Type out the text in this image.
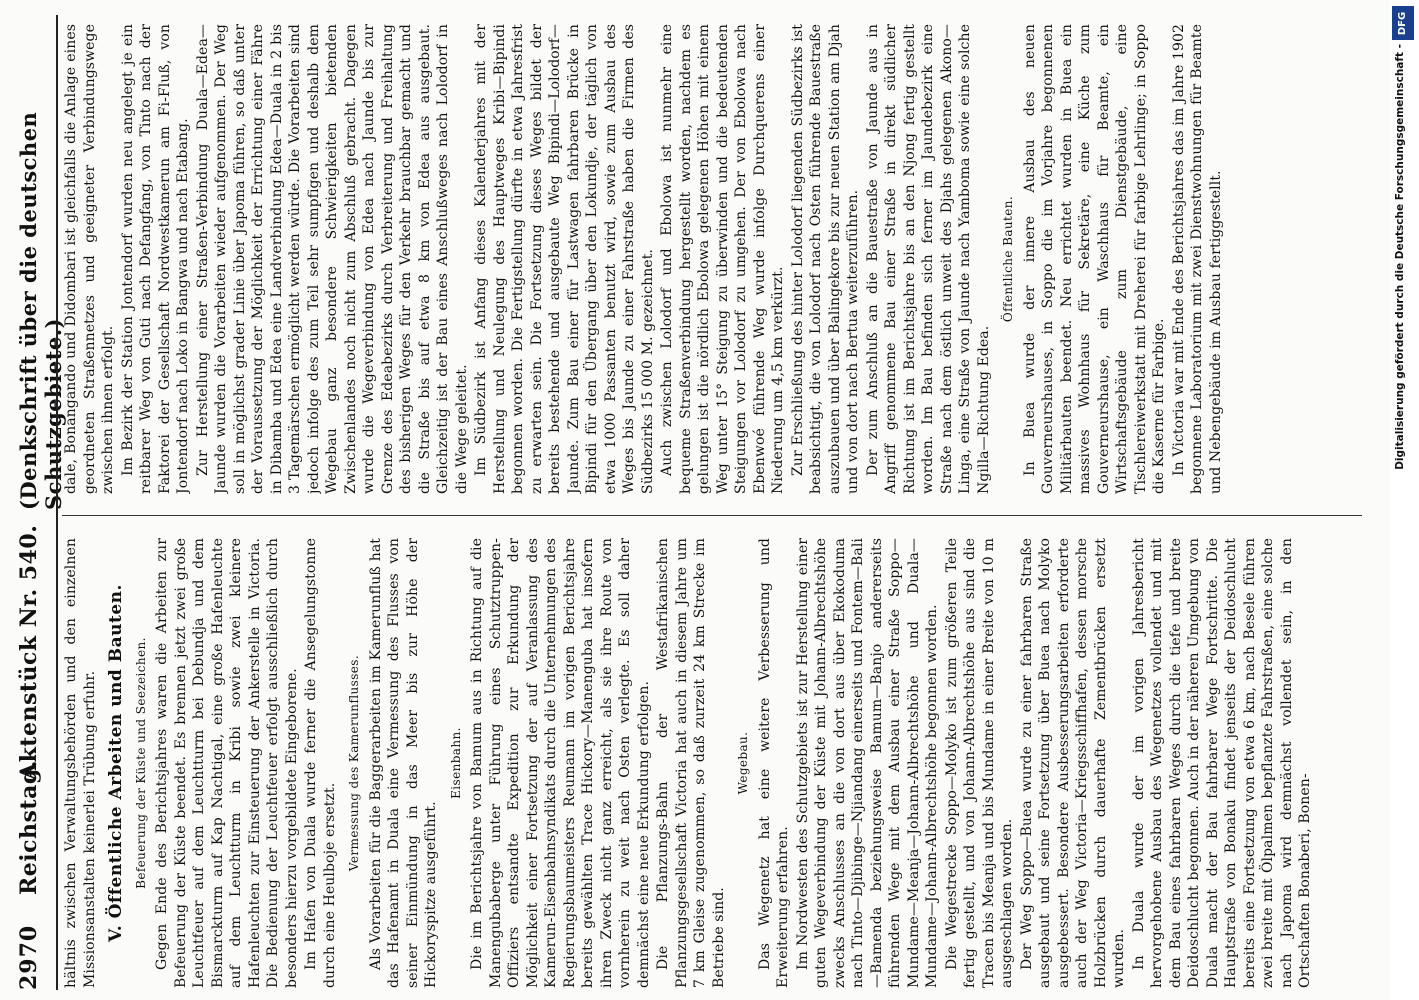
2970
Reichstag.
Aktenstück Nr. 540.
(Denkschrift über die deutschen Schutzgebiete.)

hältnis zwischen Verwaltungsbehörden und den einzelnen Missionsanstalten keinerlei Trübung erfuhr. V. Öffentliche Arbeiten und Bauten. Befeuerung der Küste und Seezeichen. Gegen Ende des Berichtsjahres waren die Arbeiten zur Befeuerung der Küste beendet. Es brennen jetzt zwei große Leuchtfeuer auf dem Leuchtturm bei Debundja und dem Bismarckturm auf Kap Nachtigal, eine große Hafenleuchte auf dem Leuchtturm in Kribi sowie zwei kleinere Hafenleuchten zur Einsteuerung der Ankerstelle in Victoria. Die Bedienung der Leuchtfeuer erfolgt ausschließlich durch besonders hierzu vorgebildete Eingeborene. Im Hafen von Duala wurde ferner die Ansegelungstonne durch eine Heulboje ersetzt.

Vermessung des Kamerunflusses. Als Vorarbeiten für die Baggerarbeiten im Kamerunfluß hat das Hafenamt in Duala eine Vermessung des Flusses von seiner Einmündung in das Meer bis zur Höhe der Hickoryspitze ausgeführt.

Eisenbahn. Die im Berichtsjahre von Bamum aus in Richtung auf die Manengubaberge unter Führung eines Schutztruppen-Offiziers entsandte Expedition zur Erkundung der Möglichkeit einer Fortsetzung der auf Veranlassung des Kamerun-Eisenbahnsyndikats durch die Unternehmungen des Regierungsbaumeisters Reumann im vorigen Berichtsjahre bereits gewählten Trace Hickory—Manenguba hat insofern ihren Zweck nicht ganz erreicht, als sie ihre Route von vornherein zu weit nach Osten verlegte. Es soll daher demnächst eine neue Erkundung erfolgen. Die Pflanzungs-Bahn der Westafrikanischen Pflanzungsgesellschaft Victoria hat auch in diesem Jahre um 7 km Gleise zugenommen, so daß zurzeit 24 km Strecke im Betriebe sind.

Wegebau. Das Wegenetz hat eine weitere Verbesserung und Erweiterung erfahren. Im Nordwesten des Schutzgebiets ist zur Herstellung einer guten Wegeverbindung der Küste mit Johann-Albrechtshöhe zwecks Anschlusses an die von dort aus über Ekokoduma nach Tinto—Djibinge—Njiandang einerseits und Fontem—Bali—Bamenda beziehungsweise Bamum—Banjo andererseits führenden Wege mit dem Ausbau einer Straße Soppo—Mundame—Meanja—Johann-Albrechtshöhe und Duala—Mundame—Johann-Albrechtshöhe begonnen worden. Die Wegestrecke Soppo—Molyko ist zum größeren Teile fertig gestellt, und von Johann-Albrechtshöhe aus sind die Tracen bis Meanja und bis Mundame in einer Breite von 10 m ausgeschlagen worden. Der Weg Soppo—Buea wurde zu einer fahrbaren Straße ausgebaut und seine Fortsetzung über Buea nach Molyko ausgebessert. Besondere Ausbesserungsarbeiten erforderte auch der Weg Victoria—Kriegsschiffhafen, dessen morsche Holzbrücken durch dauerhafte Zementbrücken ersetzt wurden. In Duala wurde der im vorigen Jahresbericht hervorgehobene Ausbau des Wegenetzes vollendet und mit dem Bau eines fahrbaren Weges durch die tiefe und breite Deidoschlucht begonnen. Auch in der näheren Umgebung von Duala macht der Bau fahrbarer Wege Fortschritte. Die Hauptstraße von Bonaku findet jenseits der Deidoschlucht bereits eine Fortsetzung von etwa 6 km, nach Besele führen zwei breite mit Ölpalmen bepflanzte Fahrstraßen, eine solche nach Japoma wird demnächst vollendet sein, in den Ortschaften Bonaberi, Bonen-

dale, Bonangando und Didombari ist gleichfalls die Anlage eines geordneten Straßennetzes und geeigneter Verbindungswege zwischen ihnen erfolgt. Im Bezirk der Station Jontendorf wurden neu angelegt je ein reitbarer Weg von Guti nach Defangfang, von Tinto nach der Faktorei der Gesellschaft Nordwestkamerun am Fi-Fluß, von Jontendorf nach Loko in Bangwa und nach Etabang. Zur Herstellung einer Straßen-Verbindung Duala—Edea—Jaunde wurden die Vorarbeiten wieder aufgenommen. Der Weg soll in möglichst grader Linie über Japoma führen, so daß unter der Voraussetzung der Möglichkeit der Errichtung einer Fähre in Dibamba und Edea eine Landverbindung Edea—Duala in 2 bis 3 Tagemärschen ermöglicht werden würde. Die Vorarbeiten sind jedoch infolge des zum Teil sehr sumpfigen und deshalb dem Wegebau ganz besondere Schwierigkeiten bietenden Zwischenlandes noch nicht zum Abschluß gebracht. Dagegen wurde die Wegeverbindung von Edea nach Jaunde bis zur Grenze des Edeabezirks durch Verbreiterung und Freihaltung des bisherigen Weges für den Verkehr brauchbar gemacht und die Straße bis auf etwa 8 km von Edea aus ausgebaut. Gleichzeitig ist der Bau eines Anschlußweges nach Lolodorf in die Wege geleitet. Im Südbezirk ist Anfang dieses Kalenderjahres mit der Herstellung und Neulegung des Hauptweges Kribi—Bipindi begonnen worden. Die Fertigstellung dürfte in etwa Jahresfrist zu erwarten sein. Die Fortsetzung dieses Weges bildet der bereits bestehende und ausgebaute Weg Bipindi—Lolodorf—Jaunde. Zum Bau einer für Lastwagen fahrbaren Brücke in Bipindi für den Übergang über den Lokundje, der täglich von etwa 1000 Passanten benutzt wird, sowie zum Ausbau des Weges bis Jaunde zu einer Fahrstraße haben die Firmen des Südbezirks 15 000 M. gezeichnet. Auch zwischen Lolodorf und Ebolowa ist nunmehr eine bequeme Straßenverbindung hergestellt worden, nachdem es gelungen ist die nördlich Ebolowa gelegenen Höhen mit einem Weg unter 15° Steigung zu überwinden und die bedeutenden Steigungen vor Lolodorf zu umgehen. Der von Ebolowa nach Ebenwoé führende Weg wurde infolge Durchquerens einer Niederung um 4,5 km verkürzt. Zur Erschließung des hinter Lolodorf liegenden Südbezirks ist beabsichtigt, die von Lolodorf nach Osten führende Bauestraße auszubauen und über Balingekore bis zur neuen Station am Djah und von dort nach Bertua weiterzuführen. Der zum Anschluß an die Bauestraße von Jaunde aus in Angriff genommene Bau einer Straße in direkt südlicher Richtung ist im Berichtsjahre bis an den Njong fertig gestellt worden. Im Bau befinden sich ferner im Jaundebezirk eine Straße nach dem östlich unweit des Djahs gelegenen Akono—Linga, eine Straße von Jaunde nach Yamboma sowie eine solche Ngilla—Richtung Edea.

Öffentliche Bauten. In Buea wurde der innere Ausbau des neuen Gouverneurshauses, in Soppo die im Vorjahre begonnenen Militärbauten beendet. Neu errichtet wurden in Buea ein massives Wohnhaus für Sekretäre, eine Küche zum Gouverneurshause, ein Waschhaus für Beamte, ein Wirtschaftsgebäude zum Dienstgebäude, eine Tischlereiwerkstatt mit Dreherei für farbige Lehrlinge; in Soppo die Kaserne für Farbige. In Victoria war mit Ende des Berichtsjahres das im Jahre 1902 begonnene Laboratorium mit zwei Dienstwohnungen für Beamte und Nebengebäude im Ausbau fertiggestellt.

DFG
Digitalisierung gefördert durch die Deutsche Forschungsgemeinschaft -
